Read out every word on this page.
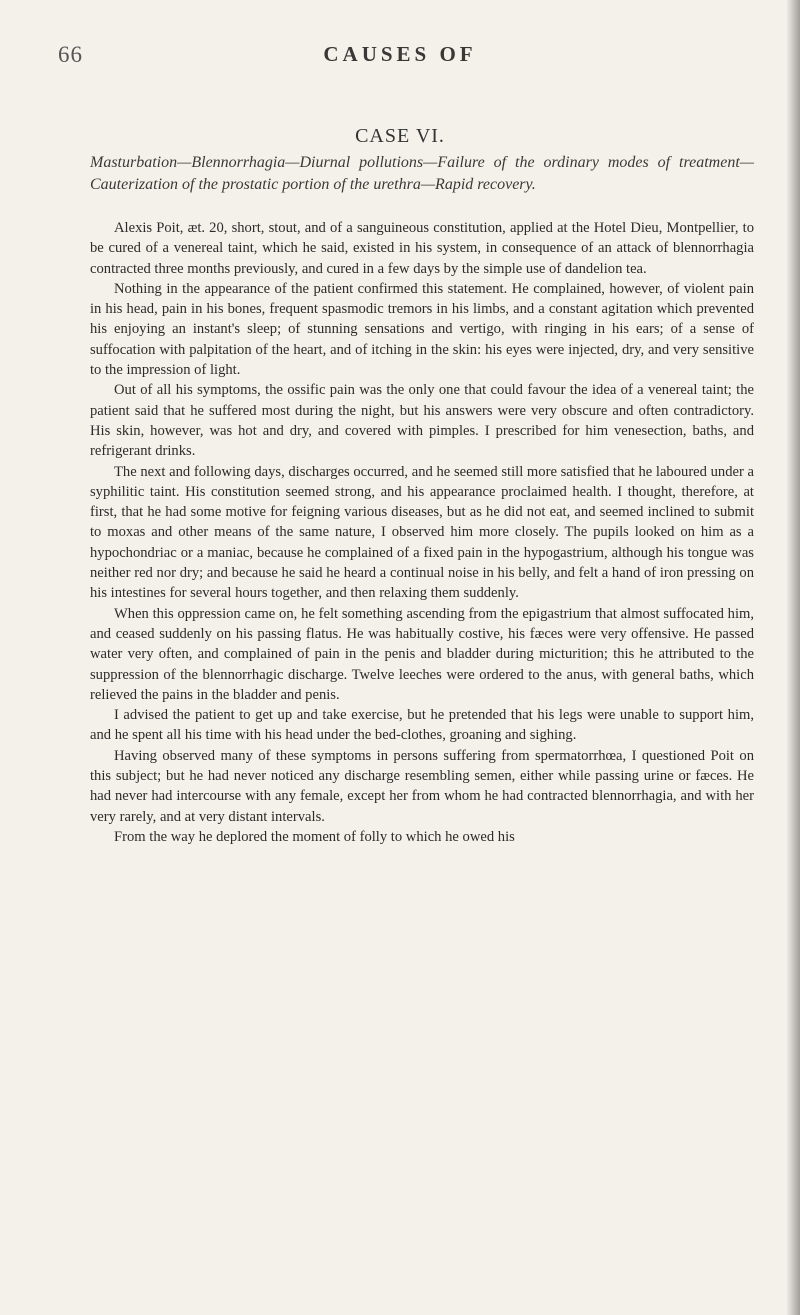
66	CAUSES OF
CASE VI.
Masturbation—Blennorrhagia—Diurnal pollutions—Failure of the ordinary modes of treatment—Cauterization of the prostatic portion of the urethra—Rapid recovery.

Alexis Poit, æt. 20, short, stout, and of a sanguineous constitution, applied at the Hotel Dieu, Montpellier, to be cured of a venereal taint, which he said, existed in his system, in consequence of an attack of blennorrhagia contracted three months previously, and cured in a few days by the simple use of dandelion tea.

Nothing in the appearance of the patient confirmed this statement. He complained, however, of violent pain in his head, pain in his bones, frequent spasmodic tremors in his limbs, and a constant agitation which prevented his enjoying an instant's sleep; of stunning sensations and vertigo, with ringing in his ears; of a sense of suffocation with palpitation of the heart, and of itching in the skin: his eyes were injected, dry, and very sensitive to the impression of light.

Out of all his symptoms, the ossific pain was the only one that could favour the idea of a venereal taint; the patient said that he suffered most during the night, but his answers were very obscure and often contradictory. His skin, however, was hot and dry, and covered with pimples. I prescribed for him venesection, baths, and refrigerant drinks.

The next and following days, discharges occurred, and he seemed still more satisfied that he laboured under a syphilitic taint. His constitution seemed strong, and his appearance proclaimed health. I thought, therefore, at first, that he had some motive for feigning various diseases, but as he did not eat, and seemed inclined to submit to moxas and other means of the same nature, I observed him more closely. The pupils looked on him as a hypochondriac or a maniac, because he complained of a fixed pain in the hypogastrium, although his tongue was neither red nor dry; and because he said he heard a continual noise in his belly, and felt a hand of iron pressing on his intestines for several hours together, and then relaxing them suddenly.

When this oppression came on, he felt something ascending from the epigastrium that almost suffocated him, and ceased suddenly on his passing flatus. He was habitually costive, his fæces were very offensive. He passed water very often, and complained of pain in the penis and bladder during micturition; this he attributed to the suppression of the blennorrhagic discharge. Twelve leeches were ordered to the anus, with general baths, which relieved the pains in the bladder and penis.

I advised the patient to get up and take exercise, but he pretended that his legs were unable to support him, and he spent all his time with his head under the bed-clothes, groaning and sighing.

Having observed many of these symptoms in persons suffering from spermatorrhœa, I questioned Poit on this subject; but he had never noticed any discharge resembling semen, either while passing urine or fæces. He had never had intercourse with any female, except her from whom he had contracted blennorrhagia, and with her very rarely, and at very distant intervals.

From the way he deplored the moment of folly to which he owed his
